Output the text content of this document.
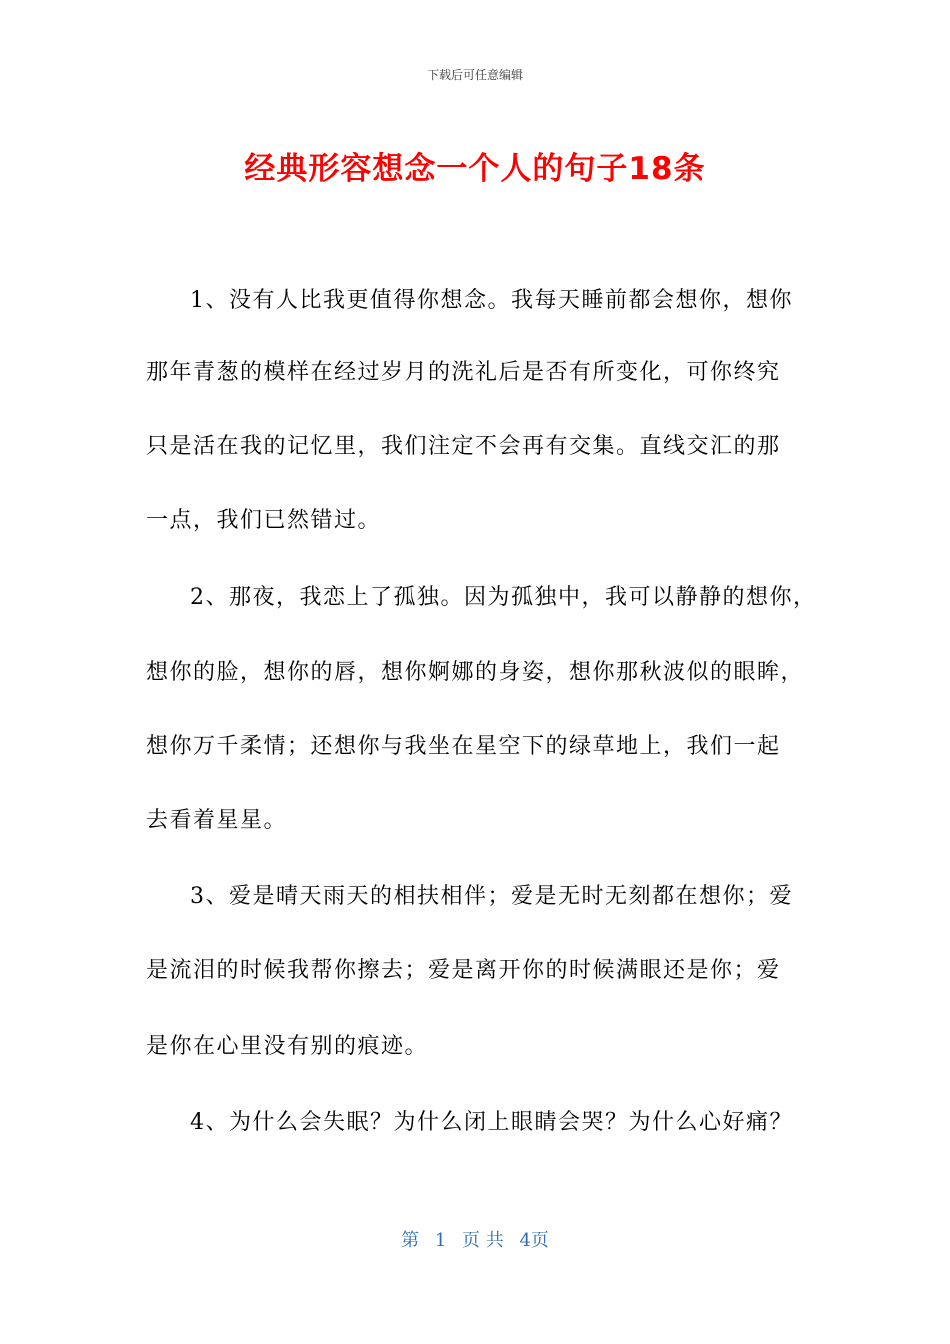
下载后可任意编辑
经典形容想念一个人的句子18条
1、没有人比我更值得你想念。我每天睡前都会想你，想你
那年青葱的模样在经过岁月的洗礼后是否有所变化，可你终究
只是活在我的记忆里，我们注定不会再有交集。直线交汇的那
一点，我们已然错过。
2、那夜，我恋上了孤独。因为孤独中，我可以静静的想你，
想你的脸，想你的唇，想你婀娜的身姿，想你那秋波似的眼眸，
想你万千柔情；还想你与我坐在星空下的绿草地上，我们一起
去看着星星。
3、爱是晴天雨天的相扶相伴；爱是无时无刻都在想你；爱
是流泪的时候我帮你擦去；爱是离开你的时候满眼还是你；爱
是你在心里没有别的痕迹。
4、为什么会失眠？为什么闭上眼睛会哭？为什么心好痛？
第 1 页 共 4页
